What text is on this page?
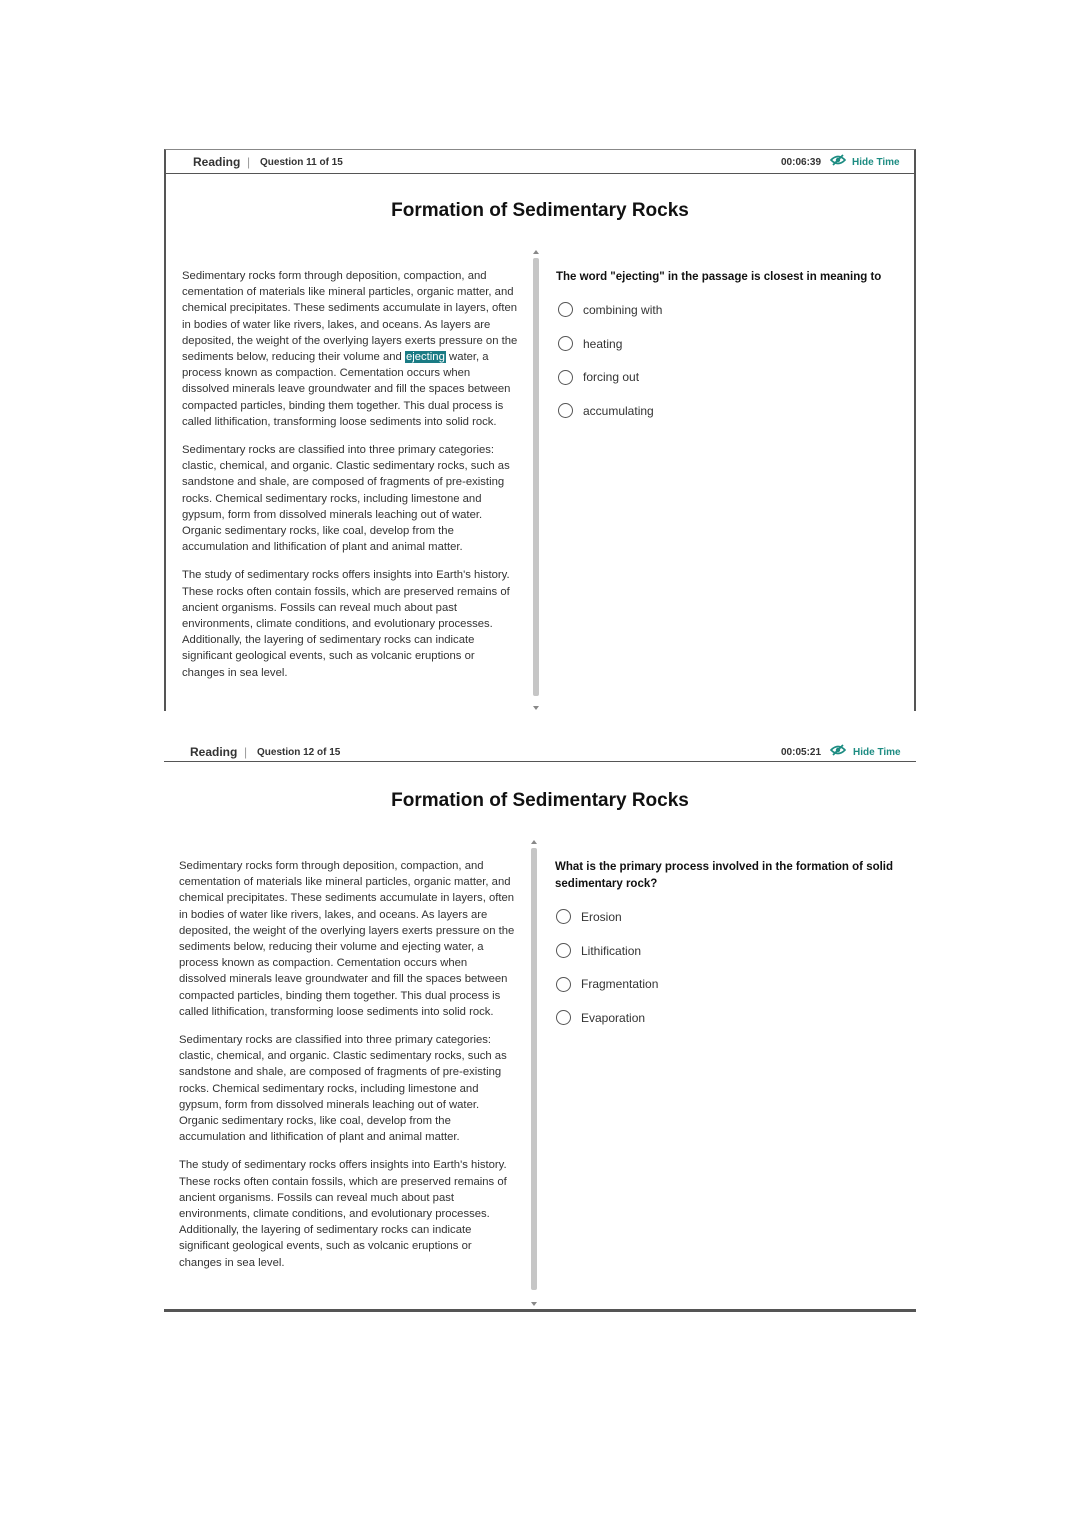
Reading | Question 11 of 15	00:06:39	Hide Time
Formation of Sedimentary Rocks

Sedimentary rocks form through deposition, compaction, and cementation of materials like mineral particles, organic matter, and chemical precipitates. These sediments accumulate in layers, often in bodies of water like rivers, lakes, and oceans. As layers are deposited, the weight of the overlying layers exerts pressure on the sediments below, reducing their volume and ejecting water, a process known as compaction. Cementation occurs when dissolved minerals leave groundwater and fill the spaces between compacted particles, binding them together. This dual process is called lithification, transforming loose sediments into solid rock.

Sedimentary rocks are classified into three primary categories: clastic, chemical, and organic. Clastic sedimentary rocks, such as sandstone and shale, are composed of fragments of pre-existing rocks. Chemical sedimentary rocks, including limestone and gypsum, form from dissolved minerals leaching out of water. Organic sedimentary rocks, like coal, develop from the accumulation and lithification of plant and animal matter.

The study of sedimentary rocks offers insights into Earth's history. These rocks often contain fossils, which are preserved remains of ancient organisms. Fossils can reveal much about past environments, climate conditions, and evolutionary processes. Additionally, the layering of sedimentary rocks can indicate significant geological events, such as volcanic eruptions or changes in sea level.

The word "ejecting" in the passage is closest in meaning to
combining with
heating
forcing out
accumulating
Reading | Question 12 of 15	00:05:21	Hide Time
Formation of Sedimentary Rocks

Sedimentary rocks form through deposition, compaction, and cementation of materials like mineral particles, organic matter, and chemical precipitates. These sediments accumulate in layers, often in bodies of water like rivers, lakes, and oceans. As layers are deposited, the weight of the overlying layers exerts pressure on the sediments below, reducing their volume and ejecting water, a process known as compaction. Cementation occurs when dissolved minerals leave groundwater and fill the spaces between compacted particles, binding them together. This dual process is called lithification, transforming loose sediments into solid rock.

Sedimentary rocks are classified into three primary categories: clastic, chemical, and organic. Clastic sedimentary rocks, such as sandstone and shale, are composed of fragments of pre-existing rocks. Chemical sedimentary rocks, including limestone and gypsum, form from dissolved minerals leaching out of water. Organic sedimentary rocks, like coal, develop from the accumulation and lithification of plant and animal matter.

The study of sedimentary rocks offers insights into Earth's history. These rocks often contain fossils, which are preserved remains of ancient organisms. Fossils can reveal much about past environments, climate conditions, and evolutionary processes. Additionally, the layering of sedimentary rocks can indicate significant geological events, such as volcanic eruptions or changes in sea level.

What is the primary process involved in the formation of solid sedimentary rock?
Erosion
Lithification
Fragmentation
Evaporation
